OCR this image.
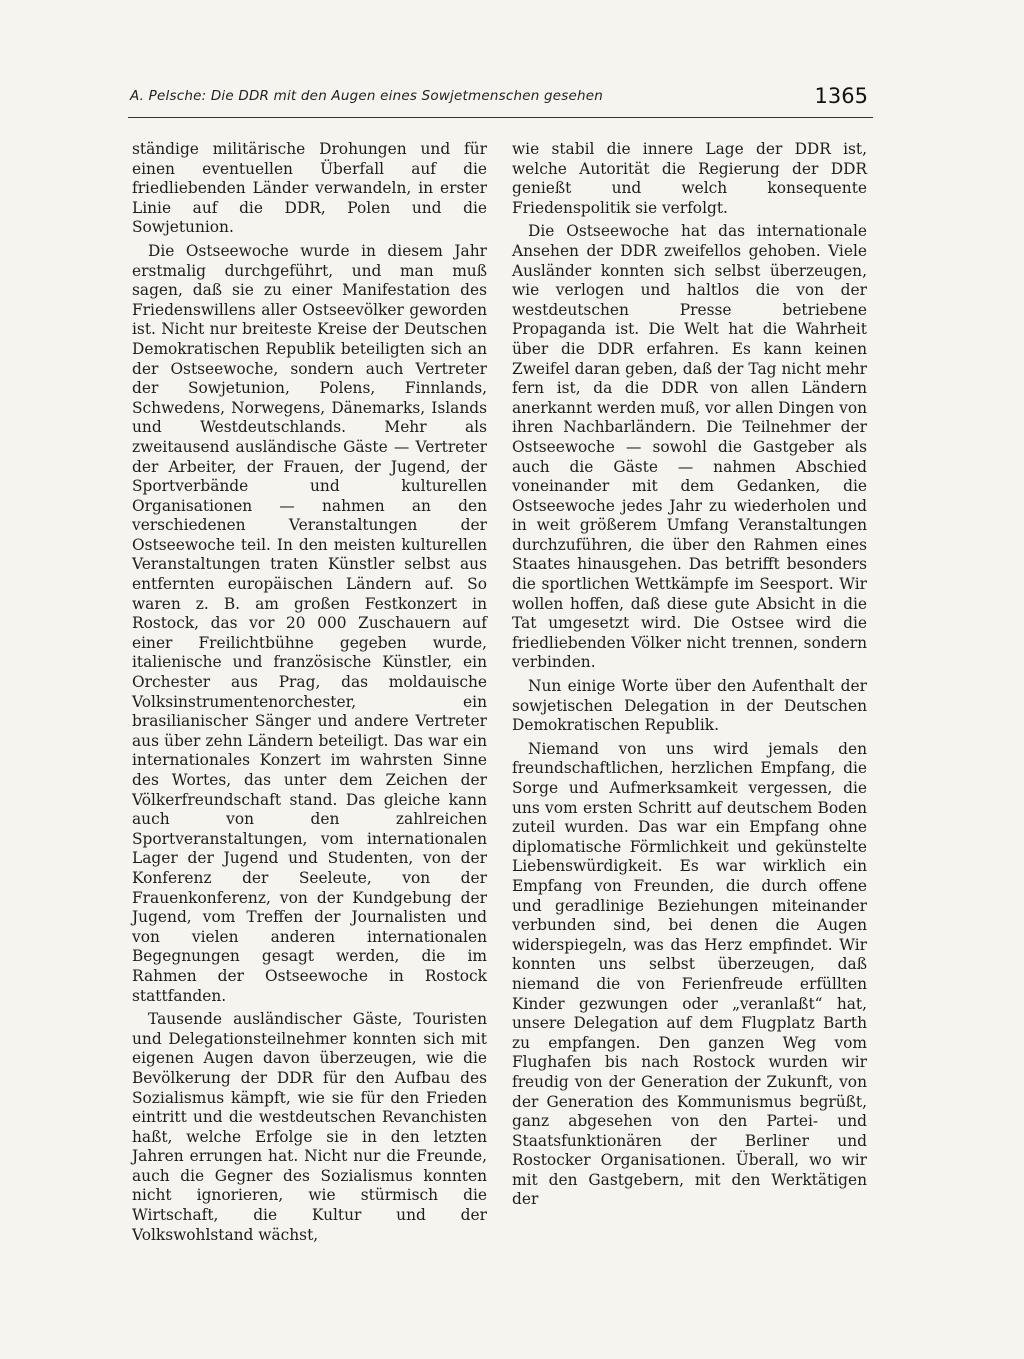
A. Pelsche: Die DDR mit den Augen eines Sowjetmenschen gesehen	1365

ständige militärische Drohungen und für einen eventuellen Überfall auf die friedliebenden Länder verwandeln, in erster Linie auf die DDR, Polen und die Sowjetunion.

Die Ostseewoche wurde in diesem Jahr erstmalig durchgeführt, und man muß sagen, daß sie zu einer Manifestation des Friedenswillens aller Ostseevölker geworden ist. Nicht nur breiteste Kreise der Deutschen Demokratischen Republik beteiligten sich an der Ostseewoche, sondern auch Vertreter der Sowjetunion, Polens, Finnlands, Schwedens, Norwegens, Dänemarks, Islands und Westdeutschlands. Mehr als zweitausend ausländische Gäste — Vertreter der Arbeiter, der Frauen, der Jugend, der Sportverbände und kulturellen Organisationen — nahmen an den verschiedenen Veranstaltungen der Ostseewoche teil. In den meisten kulturellen Veranstaltungen traten Künstler selbst aus entfernten europäischen Ländern auf. So waren z. B. am großen Festkonzert in Rostock, das vor 20 000 Zuschauern auf einer Freilichtbühne gegeben wurde, italienische und französische Künstler, ein Orchester aus Prag, das moldauische Volksinstrumentenorchester, ein brasilianischer Sänger und andere Vertreter aus über zehn Ländern beteiligt. Das war ein internationales Konzert im wahrsten Sinne des Wortes, das unter dem Zeichen der Völkerfreundschaft stand. Das gleiche kann auch von den zahlreichen Sportveranstaltungen, vom internationalen Lager der Jugend und Studenten, von der Konferenz der Seeleute, von der Frauenkonferenz, von der Kundgebung der Jugend, vom Treffen der Journalisten und von vielen anderen internationalen Begegnungen gesagt werden, die im Rahmen der Ostseewoche in Rostock stattfanden.

Tausende ausländischer Gäste, Touristen und Delegationsteilnehmer konnten sich mit eigenen Augen davon überzeugen, wie die Bevölkerung der DDR für den Aufbau des Sozialismus kämpft, wie sie für den Frieden eintritt und die westdeutschen Revanchisten haßt, welche Erfolge sie in den letzten Jahren errungen hat. Nicht nur die Freunde, auch die Gegner des Sozialismus konnten nicht ignorieren, wie stürmisch die Wirtschaft, die Kultur und der Volkswohlstand wächst,

wie stabil die innere Lage der DDR ist, welche Autorität die Regierung der DDR genießt und welch konsequente Friedenspolitik sie verfolgt.

Die Ostseewoche hat das internationale Ansehen der DDR zweifellos gehoben. Viele Ausländer konnten sich selbst überzeugen, wie verlogen und haltlos die von der westdeutschen Presse betriebene Propaganda ist. Die Welt hat die Wahrheit über die DDR erfahren. Es kann keinen Zweifel daran geben, daß der Tag nicht mehr fern ist, da die DDR von allen Ländern anerkannt werden muß, vor allen Dingen von ihren Nachbarländern. Die Teilnehmer der Ostseewoche — sowohl die Gastgeber als auch die Gäste — nahmen Abschied voneinander mit dem Gedanken, die Ostseewoche jedes Jahr zu wiederholen und in weit größerem Umfang Veranstaltungen durchzuführen, die über den Rahmen eines Staates hinausgehen. Das betrifft besonders die sportlichen Wettkämpfe im Seesport. Wir wollen hoffen, daß diese gute Absicht in die Tat umgesetzt wird. Die Ostsee wird die friedliebenden Völker nicht trennen, sondern verbinden.

Nun einige Worte über den Aufenthalt der sowjetischen Delegation in der Deutschen Demokratischen Republik.

Niemand von uns wird jemals den freundschaftlichen, herzlichen Empfang, die Sorge und Aufmerksamkeit vergessen, die uns vom ersten Schritt auf deutschem Boden zuteil wurden. Das war ein Empfang ohne diplomatische Förmlichkeit und gekünstelte Liebenswürdigkeit. Es war wirklich ein Empfang von Freunden, die durch offene und geradlinige Beziehungen miteinander verbunden sind, bei denen die Augen widerspiegeln, was das Herz empfindet. Wir konnten uns selbst überzeugen, daß niemand die von Ferienfreude erfüllten Kinder gezwungen oder „veranlaßt“ hat, unsere Delegation auf dem Flugplatz Barth zu empfangen. Den ganzen Weg vom Flughafen bis nach Rostock wurden wir freudig von der Generation der Zukunft, von der Generation des Kommunismus begrüßt, ganz abgesehen von den Partei- und Staatsfunktionären der Berliner und Rostocker Organisationen. Überall, wo wir mit den Gastgebern, mit den Werktätigen der
